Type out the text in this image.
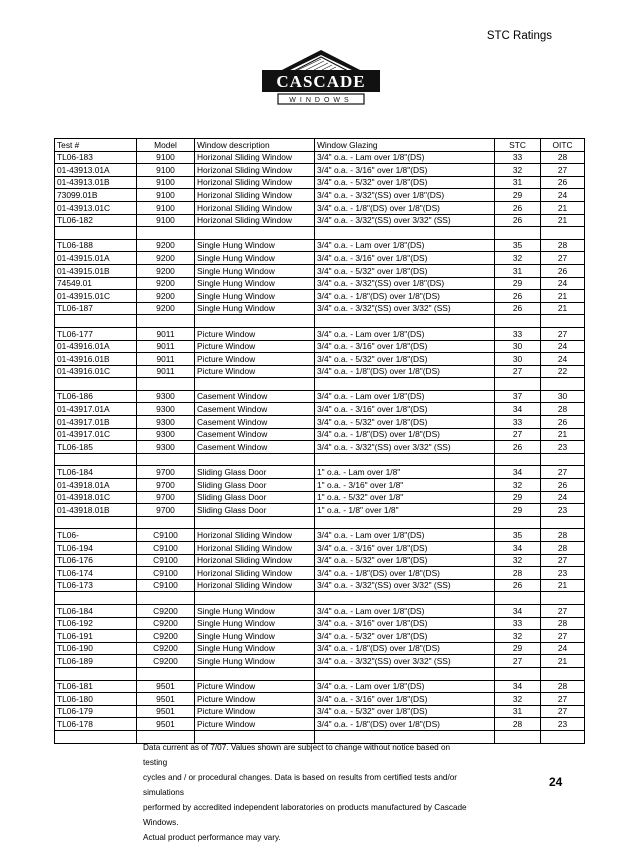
STC Ratings
CASCADE
WINDOWS
Test #	Model	Window description	Window Glazing	STC	OITC
TL06-183	9100	Horizonal Sliding Window	3/4" o.a. - Lam over 1/8"(DS)	33	28
01-43913.01A	9100	Horizonal Sliding Window	3/4" o.a. - 3/16" over 1/8"(DS)	32	27
01-43913.01B	9100	Horizonal Sliding Window	3/4" o.a. - 5/32" over 1/8"(DS)	31	26
73099.01B	9100	Horizonal Sliding Window	3/4" o.a. - 3/32"(SS) over 1/8"(DS)	29	24
01-43913.01C	9100	Horizonal Sliding Window	3/4" o.a. - 1/8"(DS) over 1/8"(DS)	26	21
TL06-182	9100	Horizonal Sliding Window	3/4" o.a. - 3/32"(SS) over 3/32" (SS)	26	21

TL06-188	9200	Single Hung Window	3/4" o.a. - Lam over 1/8"(DS)	35	28
01-43915.01A	9200	Single Hung Window	3/4" o.a. - 3/16" over 1/8"(DS)	32	27
01-43915.01B	9200	Single Hung Window	3/4" o.a. - 5/32" over 1/8"(DS)	31	26
74549.01	9200	Single Hung Window	3/4" o.a. - 3/32"(SS) over 1/8"(DS)	29	24
01-43915.01C	9200	Single Hung Window	3/4" o.a. - 1/8"(DS) over 1/8"(DS)	26	21
TL06-187	9200	Single Hung Window	3/4" o.a. - 3/32"(SS) over 3/32" (SS)	26	21

TL06-177	9011	Picture Window	3/4" o.a. - Lam over 1/8"(DS)	33	27
01-43916.01A	9011	Picture Window	3/4" o.a. - 3/16" over 1/8"(DS)	30	24
01-43916.01B	9011	Picture Window	3/4" o.a. - 5/32" over 1/8"(DS)	30	24
01-43916.01C	9011	Picture Window	3/4" o.a. - 1/8"(DS) over 1/8"(DS)	27	22

TL06-186	9300	Casement Window	3/4" o.a. - Lam over 1/8"(DS)	37	30
01-43917.01A	9300	Casement Window	3/4" o.a. - 3/16" over 1/8"(DS)	34	28
01-43917.01B	9300	Casement Window	3/4" o.a. - 5/32" over 1/8"(DS)	33	26
01-43917.01C	9300	Casement Window	3/4" o.a. - 1/8"(DS) over 1/8"(DS)	27	21
TL06-185	9300	Casement Window	3/4" o.a. - 3/32"(SS) over 3/32" (SS)	26	23

TL06-184	9700	Sliding Glass Door	1" o.a. - Lam over 1/8"	34	27
01-43918.01A	9700	Sliding Glass Door	1" o.a. - 3/16" over 1/8"	32	26
01-43918.01C	9700	Sliding Glass Door	1" o.a. - 5/32" over 1/8"	29	24
01-43918.01B	9700	Sliding Glass Door	1" o.a. - 1/8" over 1/8"	29	23

TL06-	C9100	Horizonal Sliding Window	3/4" o.a. - Lam over 1/8"(DS)	35	28
TL06-194	C9100	Horizonal Sliding Window	3/4" o.a. - 3/16" over 1/8"(DS)	34	28
TL06-176	C9100	Horizonal Sliding Window	3/4" o.a. - 5/32" over 1/8"(DS)	32	27
TL06-174	C9100	Horizonal Sliding Window	3/4" o.a. - 1/8"(DS) over 1/8"(DS)	28	23
TL06-173	C9100	Horizonal Sliding Window	3/4" o.a. - 3/32"(SS) over 3/32" (SS)	26	21

TL06-184	C9200	Single Hung Window	3/4" o.a. - Lam over 1/8"(DS)	34	27
TL06-192	C9200	Single Hung Window	3/4" o.a. - 3/16" over 1/8"(DS)	33	28
TL06-191	C9200	Single Hung Window	3/4" o.a. - 5/32" over 1/8"(DS)	32	27
TL06-190	C9200	Single Hung Window	3/4" o.a. - 1/8"(DS) over 1/8"(DS)	29	24
TL06-189	C9200	Single Hung Window	3/4" o.a. - 3/32"(SS) over 3/32" (SS)	27	21

TL06-181	9501	Picture Window	3/4" o.a. - Lam over 1/8"(DS)	34	28
TL06-180	9501	Picture Window	3/4" o.a. - 3/16" over 1/8"(DS)	32	27
TL06-179	9501	Picture Window	3/4" o.a. - 5/32" over 1/8"(DS)	31	27
TL06-178	9501	Picture Window	3/4" o.a. - 1/8"(DS) over 1/8"(DS)	28	23

Data current as of 7/07. Values shown are subject to change without notice based on testing
cycles and / or procedural changes. Data is based on results from certified tests and/or simulations
performed by accredited independent laboratories on products manufactured by Cascade Windows.
Actual product performance may vary.
24
